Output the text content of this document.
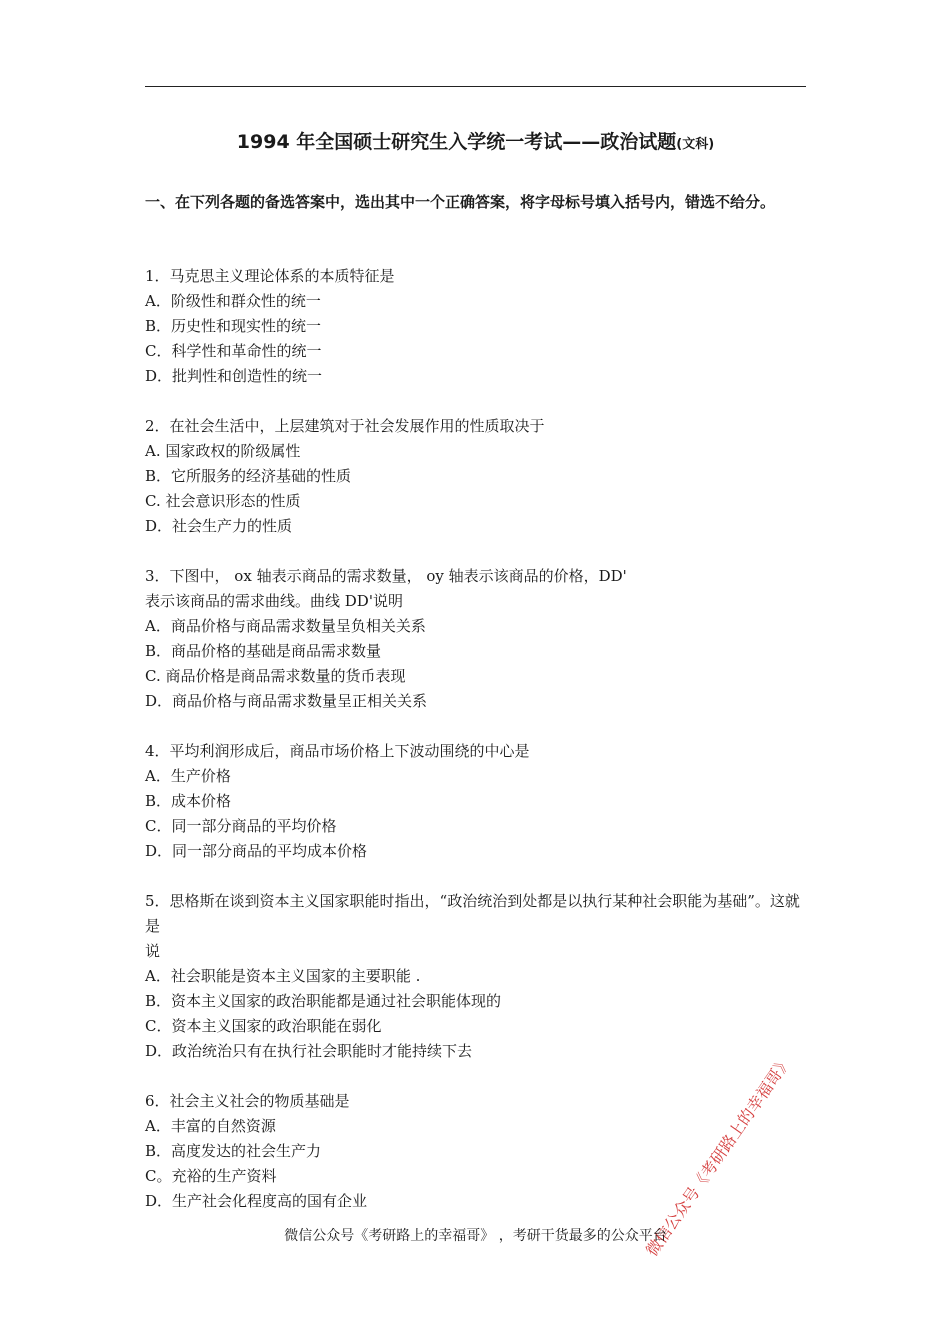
1994 年全国硕士研究生入学统一考试——政治试题(文科)
一、在下列各题的备选答案中，选出其中一个正确答案，将字母标号填入括号内，错选不给分。
1．马克思主义理论体系的本质特征是
A．阶级性和群众性的统一
B．历史性和现实性的统一
C．科学性和革命性的统一
D．批判性和创造性的统一
2．在社会生活中，上层建筑对于社会发展作用的性质取决于
A. 国家政权的阶级属性
B．它所服务的经济基础的性质
C. 社会意识形态的性质
D．社会生产力的性质
3．下图中， ox 轴表示商品的需求数量， oy 轴表示该商品的价格，DD'
表示该商品的需求曲线。曲线 DD'说明
A．商品价格与商品需求数量呈负相关关系
B．商品价格的基础是商品需求数量
C. 商品价格是商品需求数量的货币表现
D．商品价格与商品需求数量呈正相关关系
4．平均利润形成后，商品市场价格上下波动围绕的中心是
A．生产价格
B．成本价格
C．同一部分商品的平均价格
D．同一部分商品的平均成本价格
5．思格斯在谈到资本主义国家职能时指出，“政治统治到处都是以执行某种社会职能为基础”。这就是
说
A．社会职能是资本主义国家的主要职能 .
B．资本主义国家的政治职能都是通过社会职能体现的
C．资本主义国家的政治职能在弱化
D．政治统治只有在执行社会职能时才能持续下去
6．社会主义社会的物质基础是
A．丰富的自然资源
B．高度发达的社会生产力
C。充裕的生产资料
D．生产社会化程度高的国有企业	微信公众号《考研路上的幸福哥》
微信公众号《考研路上的幸福哥》 ，考研干货最多的公众平台
